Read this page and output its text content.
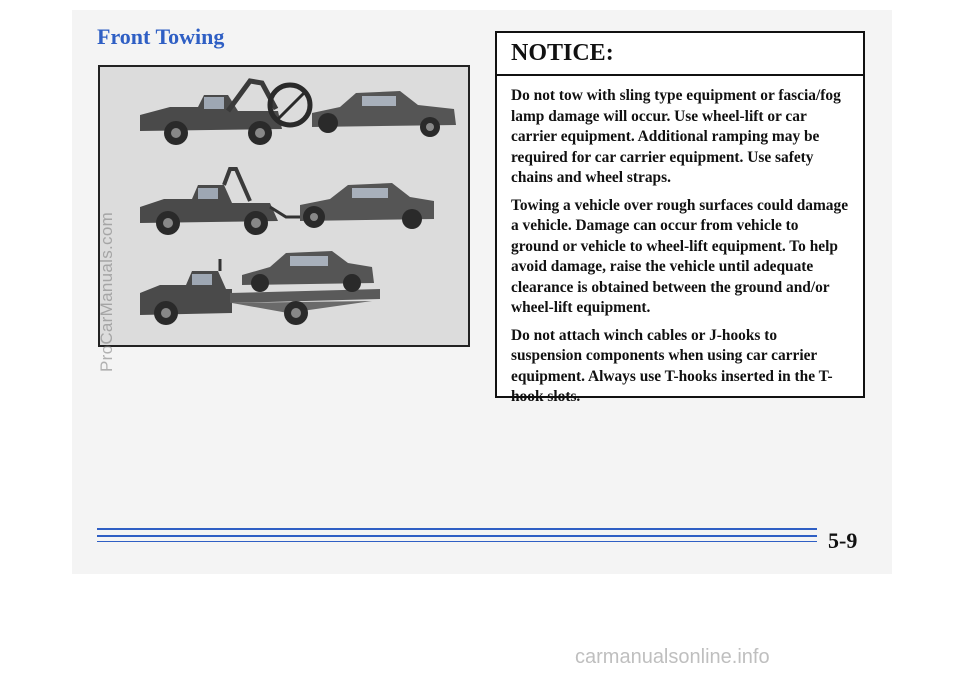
Front Towing
NOTICE:

Do not tow with sling type equipment or fascia/fog lamp damage will occur. Use wheel-lift or car carrier equipment. Additional ramping may be required for car carrier equipment. Use safety chains and wheel straps.

Towing a vehicle over rough surfaces could damage a vehicle. Damage can occur from vehicle to ground or vehicle to wheel-lift equipment. To help avoid damage, raise the vehicle until adequate clearance is obtained between the ground and/or wheel-lift equipment.

Do not attach winch cables or J-hooks to suspension components when using car carrier equipment. Always use T-hooks inserted in the T-hook slots.

ProCarManuals.com
5-9
carmanualsonline.info
